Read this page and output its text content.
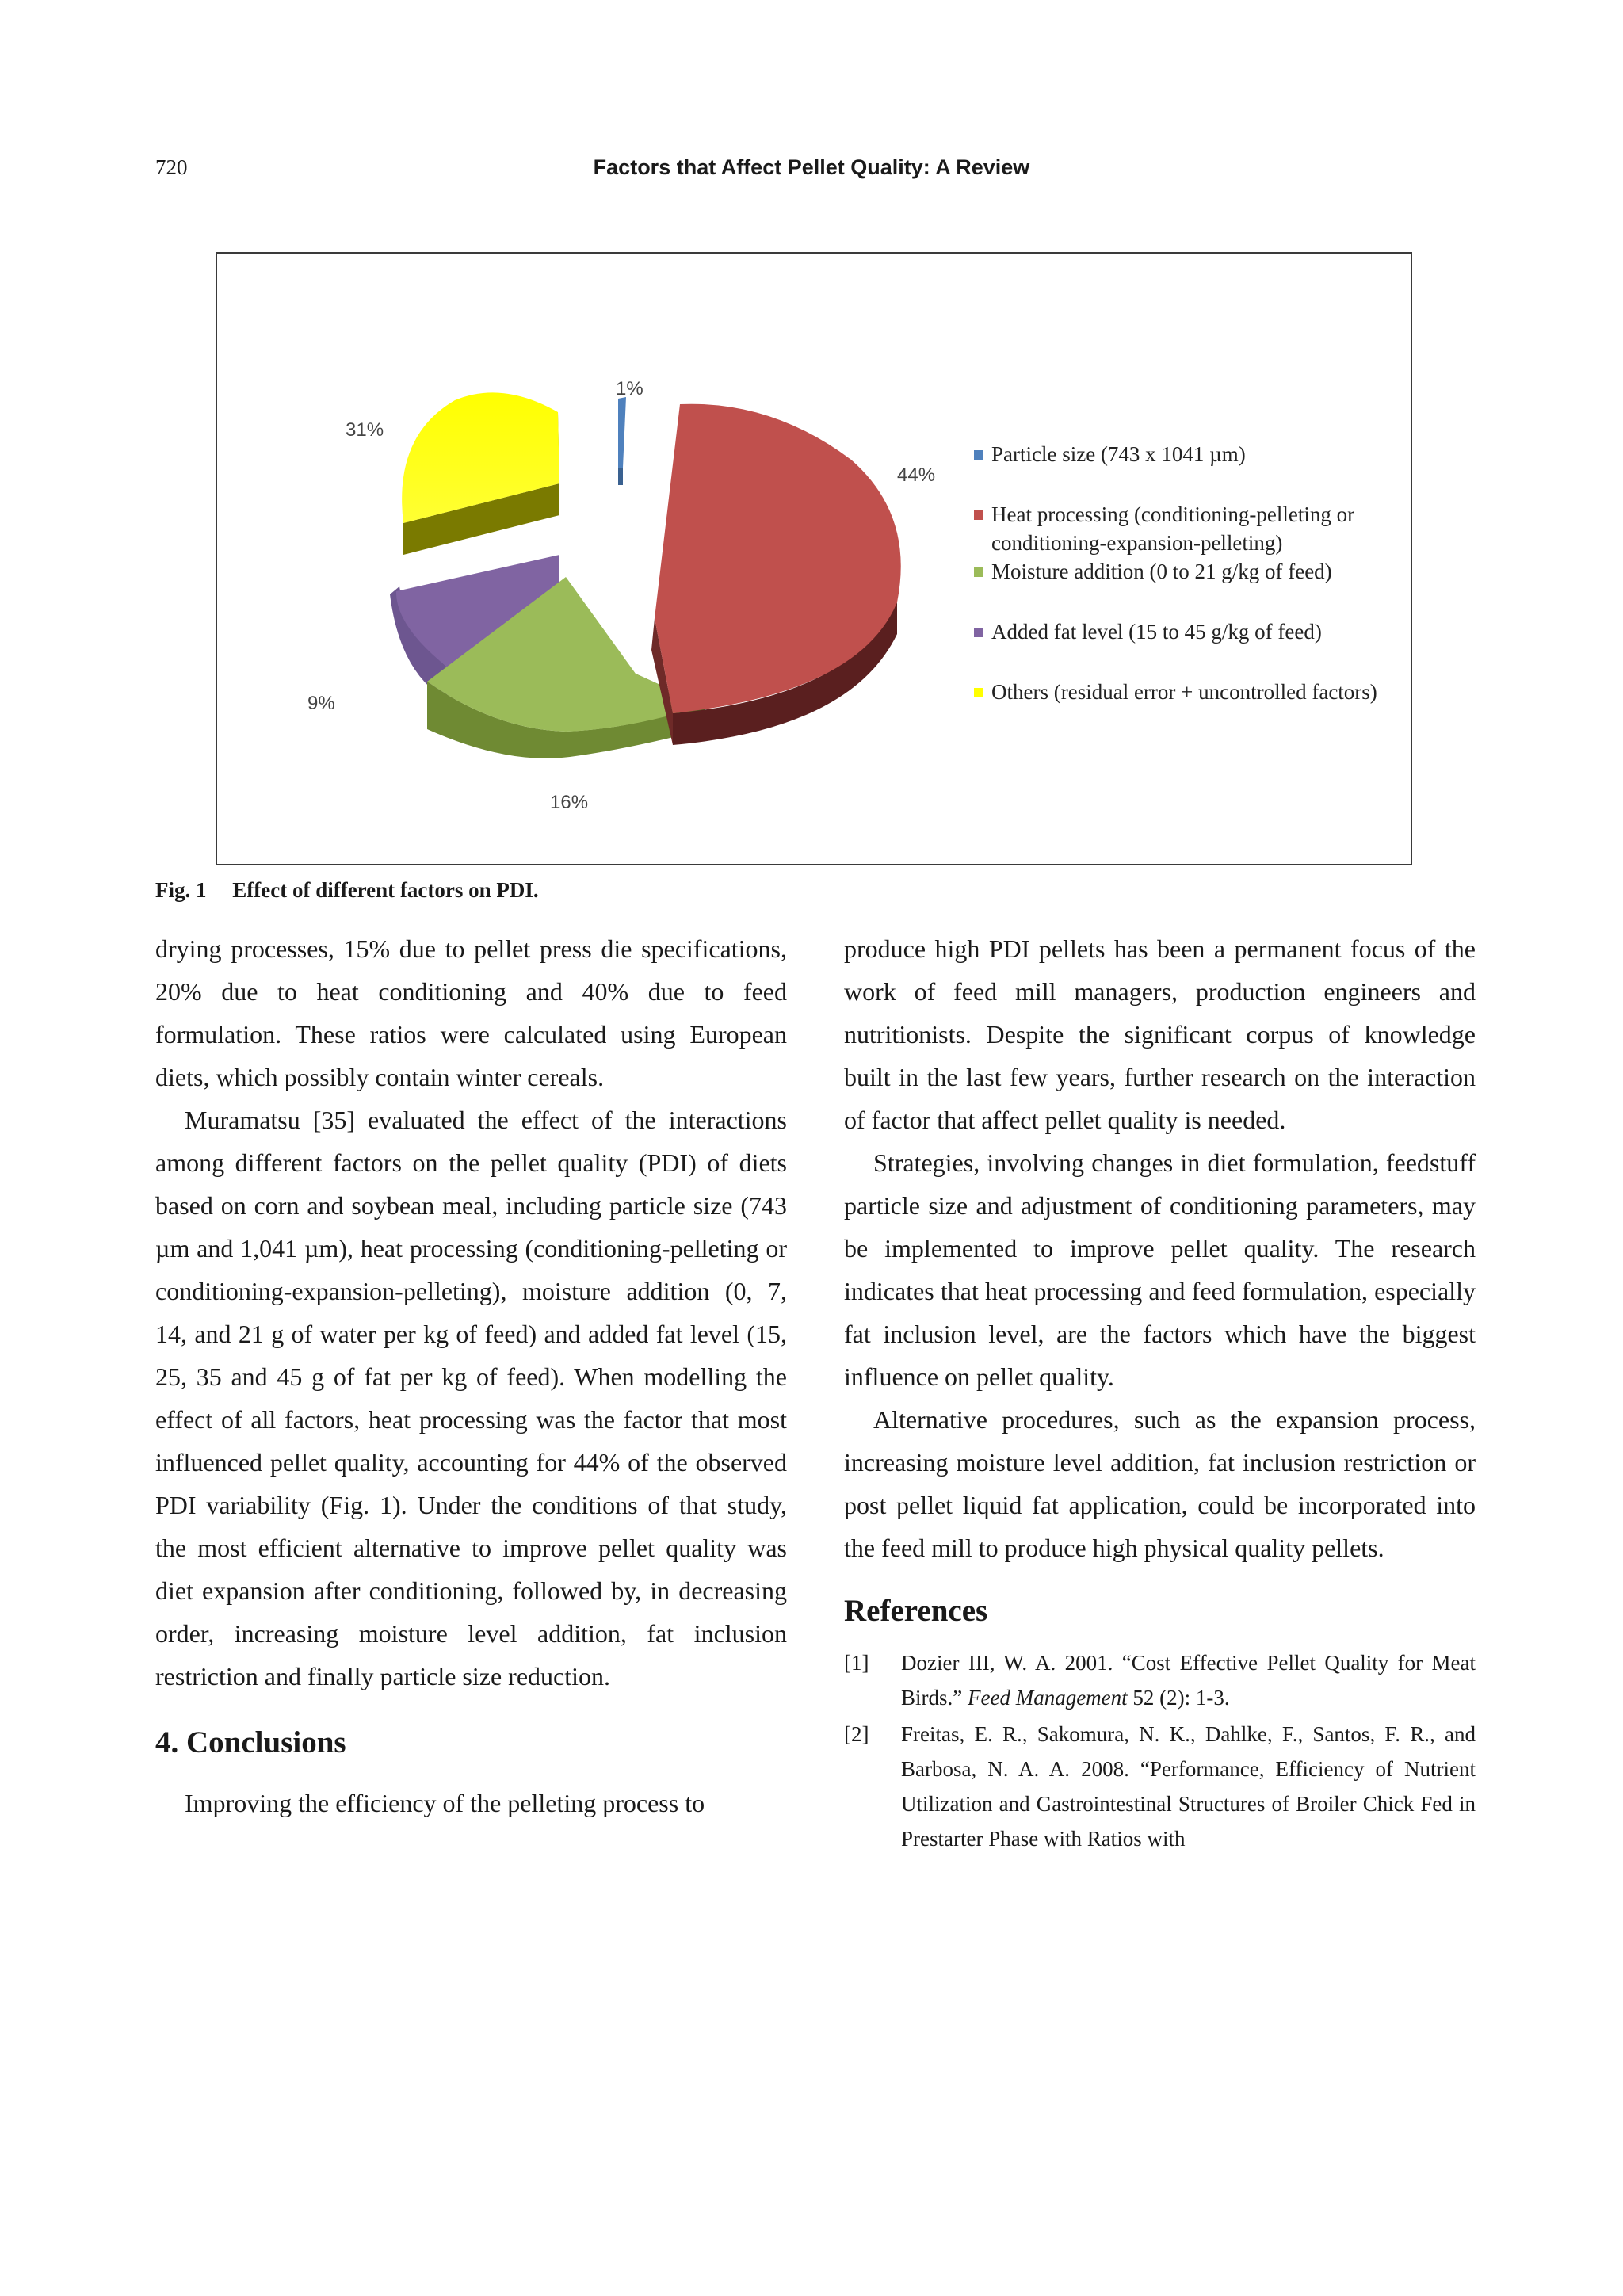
720	Factors that Affect Pellet Quality: A Review
1%
44%
16%
9%
31%
Particle size (743 x 1041 µm)
Heat processing (conditioning-pelleting or conditioning-expansion-pelleting)
Moisture addition (0 to 21 g/kg of feed)
Added fat level (15 to 45 g/kg of feed)
Others (residual error + uncontrolled factors)
Fig. 1 Effect of different factors on PDI.

drying processes, 15% due to pellet press die specifications, 20% due to heat conditioning and 40% due to feed formulation. These ratios were calculated using European diets, which possibly contain winter cereals.

Muramatsu [35] evaluated the effect of the interactions among different factors on the pellet quality (PDI) of diets based on corn and soybean meal, including particle size (743 µm and 1,041 µm), heat processing (conditioning-pelleting or conditioning-expansion-pelleting), moisture addition (0, 7, 14, and 21 g of water per kg of feed) and added fat level (15, 25, 35 and 45 g of fat per kg of feed). When modelling the effect of all factors, heat processing was the factor that most influenced pellet quality, accounting for 44% of the observed PDI variability (Fig. 1). Under the conditions of that study, the most efficient alternative to improve pellet quality was diet expansion after conditioning, followed by, in decreasing order, increasing moisture level addition, fat inclusion restriction and finally particle size reduction.

4. Conclusions

Improving the efficiency of the pelleting process to

produce high PDI pellets has been a permanent focus of the work of feed mill managers, production engineers and nutritionists. Despite the significant corpus of knowledge built in the last few years, further research on the interaction of factor that affect pellet quality is needed.

Strategies, involving changes in diet formulation, feedstuff particle size and adjustment of conditioning parameters, may be implemented to improve pellet quality. The research indicates that heat processing and feed formulation, especially fat inclusion level, are the factors which have the biggest influence on pellet quality.

Alternative procedures, such as the expansion process, increasing moisture level addition, fat inclusion restriction or post pellet liquid fat application, could be incorporated into the feed mill to produce high physical quality pellets.

References
[1] Dozier III, W. A. 2001. “Cost Effective Pellet Quality for Meat Birds.” Feed Management 52 (2): 1-3.
[2] Freitas, E. R., Sakomura, N. K., Dahlke, F., Santos, F. R., and Barbosa, N. A. A. 2008. “Performance, Efficiency of Nutrient Utilization and Gastrointestinal Structures of Broiler Chick Fed in Prestarter Phase with Ratios with
